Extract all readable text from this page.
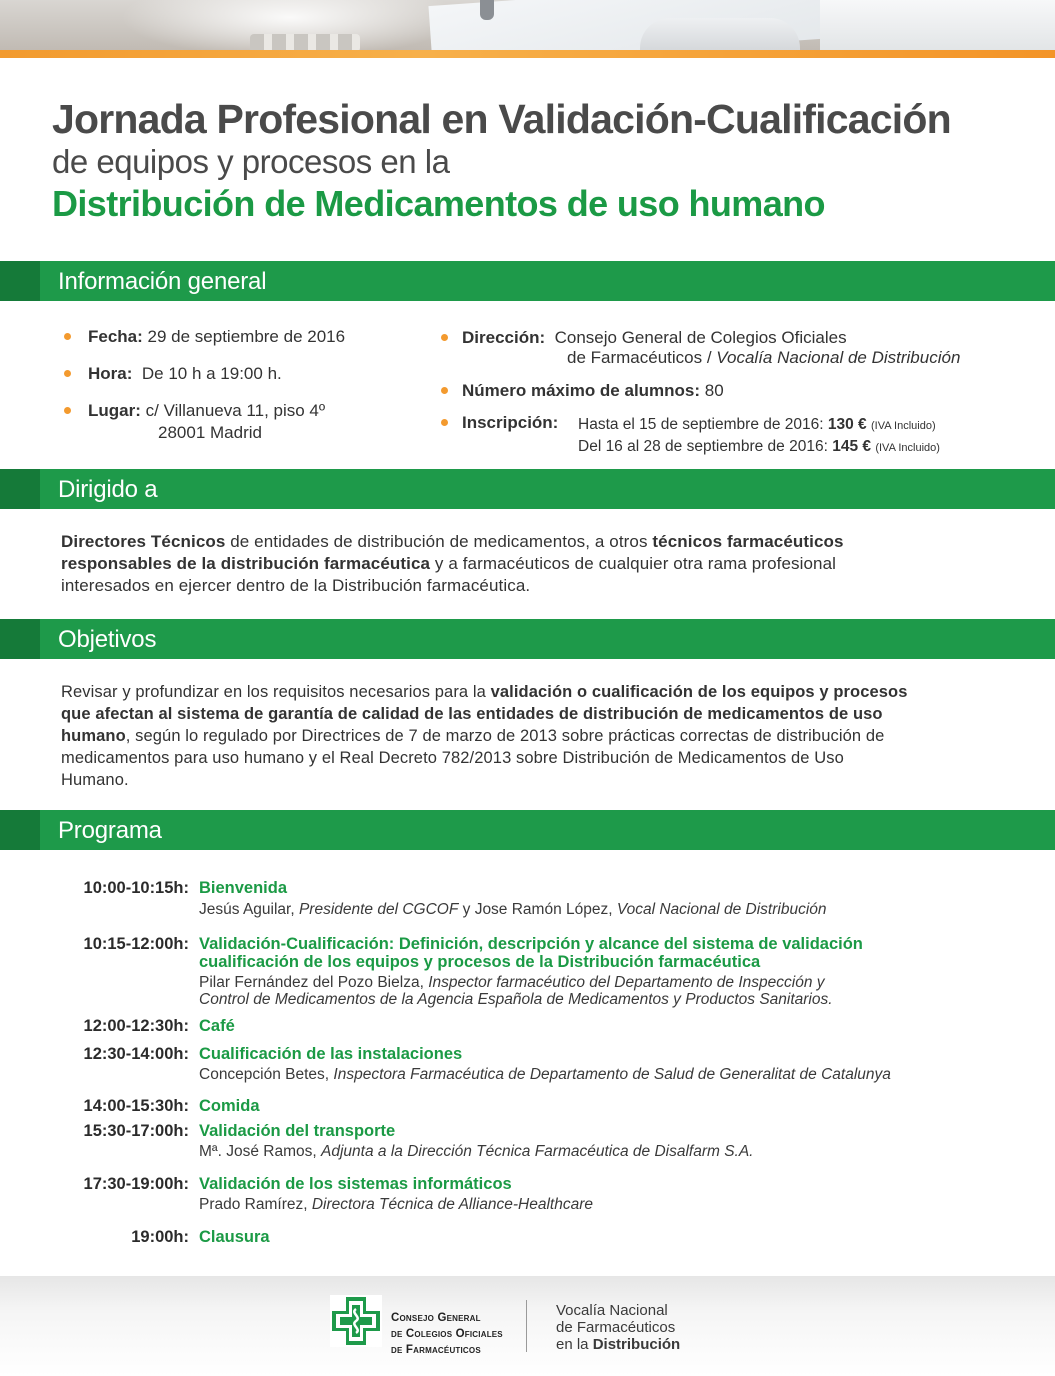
Jornada Profesional en Validación-Cualificación
de equipos y procesos en la
Distribución de Medicamentos de uso humano
Información general
Fecha: 29 de septiembre de 2016
Hora: De 10 h a 19:00 h.
Lugar: c/ Villanueva 11, piso 4º
28001 Madrid
Dirección: Consejo General de Colegios Oficiales
de Farmacéuticos / Vocalía Nacional de Distribución
Número máximo de alumnos: 80
Inscripción: Hasta el 15 de septiembre de 2016: 130 € (IVA Incluido)
Del 16 al 28 de septiembre de 2016: 145 € (IVA Incluido)
Dirigido a
Directores Técnicos de entidades de distribución de medicamentos, a otros técnicos farmacéuticos
responsables de la distribución farmacéutica y a farmacéuticos de cualquier otra rama profesional
interesados en ejercer dentro de la Distribución farmacéutica.
Objetivos
Revisar y profundizar en los requisitos necesarios para la validación o cualificación de los equipos y procesos
que afectan al sistema de garantía de calidad de las entidades de distribución de medicamentos de uso
humano, según lo regulado por Directrices de 7 de marzo de 2013 sobre prácticas correctas de distribución de
medicamentos para uso humano y el Real Decreto 782/2013 sobre Distribución de Medicamentos de Uso
Humano.
Programa
10:00-10:15h: Bienvenida
Jesús Aguilar, Presidente del CGCOF y Jose Ramón López, Vocal Nacional de Distribución
10:15-12:00h: Validación-Cualificación: Definición, descripción y alcance del sistema de validación
cualificación de los equipos y procesos de la Distribución farmacéutica
Pilar Fernández del Pozo Bielza, Inspector farmacéutico del Departamento de Inspección y
Control de Medicamentos de la Agencia Española de Medicamentos y Productos Sanitarios.
12:00-12:30h: Café
12:30-14:00h: Cualificación de las instalaciones
Concepción Betes, Inspectora Farmacéutica de Departamento de Salud de Generalitat de Catalunya
14:00-15:30h: Comida
15:30-17:00h: Validación del transporte
Mª. José Ramos, Adjunta a la Dirección Técnica Farmacéutica de Disalfarm S.A.
17:30-19:00h: Validación de los sistemas informáticos
Prado Ramírez, Directora Técnica de Alliance-Healthcare
19:00h: Clausura
Consejo General
de Colegios Oficiales
de Farmacéuticos
Vocalía Nacional
de Farmacéuticos
en la Distribución
